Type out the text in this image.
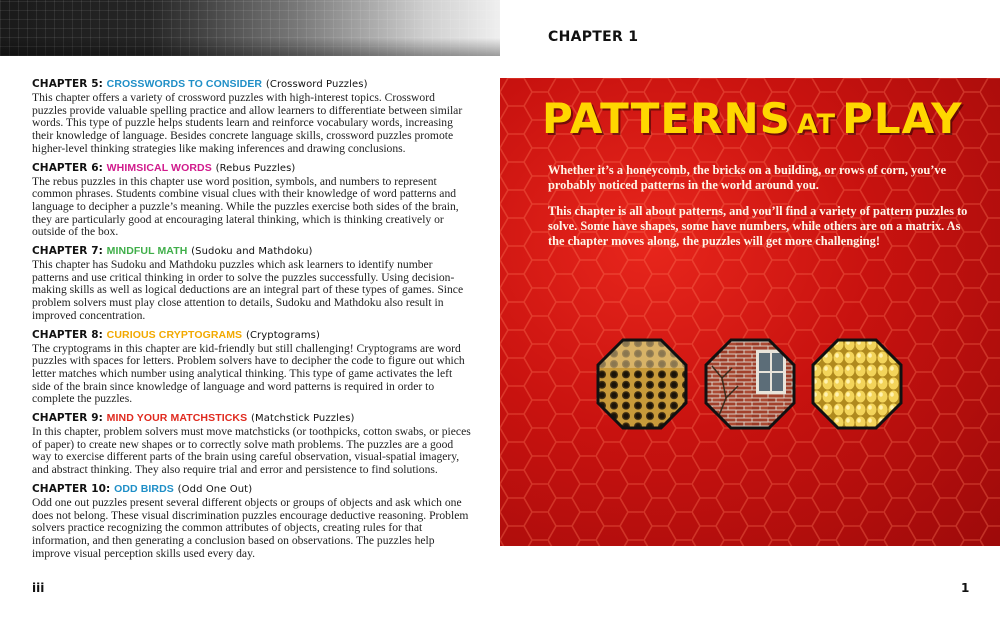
CHAPTER 5: CROSSWORDS TO CONSIDER (Crossword Puzzles)

This chapter offers a variety of crossword puzzles with high-interest topics. Crossword puzzles provide valuable spelling practice and allow learners to differentiate between similar words. This type of puzzle helps students learn and reinforce vocabulary words, increasing their knowledge of language. Besides concrete language skills, crossword puzzles promote higher-level thinking strategies like making inferences and drawing conclusions.

CHAPTER 6: WHIMSICAL WORDS (Rebus Puzzles)

The rebus puzzles in this chapter use word position, symbols, and numbers to represent common phrases. Students combine visual clues with their knowledge of word patterns and language to decipher a puzzle’s meaning. While the puzzles exercise both sides of the brain, they are particularly good at encouraging lateral thinking, which is thinking creatively or outside of the box.

CHAPTER 7: MINDFUL MATH (Sudoku and Mathdoku)

This chapter has Sudoku and Mathdoku puzzles which ask learners to identify number patterns and use critical thinking in order to solve the puzzles successfully. Using decision-making skills as well as logical deductions are an integral part of these types of games. Since problem solvers must play close attention to details, Sudoku and Mathdoku also result in improved concentration.

CHAPTER 8: CURIOUS CRYPTOGRAMS (Cryptograms)

The cryptograms in this chapter are kid-friendly but still challenging! Cryptograms are word puzzles with spaces for letters. Problem solvers have to decipher the code to figure out which letter matches which number using analytical thinking. This type of game activates the left side of the brain since knowledge of language and word patterns is required in order to complete the puzzles.

CHAPTER 9: MIND YOUR MATCHSTICKS (Matchstick Puzzles)

In this chapter, problem solvers must move matchsticks (or toothpicks, cotton swabs, or pieces of paper) to create new shapes or to correctly solve math problems. The puzzles are a good way to exercise different parts of the brain using careful observation, visual-spatial imagery, and abstract thinking. They also require trial and error and persistence to find solutions.

CHAPTER 10: ODD BIRDS (Odd One Out)

Odd one out puzzles present several different objects or groups of objects and ask which one does not belong. These visual discrimination puzzles encourage deductive reasoning. Problem solvers practice recognizing the common attributes of objects, creating rules for that information, and then generating a conclusion based on observations. The puzzles help improve visual perception skills used every day.

iii
CHAPTER 1
PATTERNS AT PLAY

Whether it’s a honeycomb, the bricks on a building, or rows of corn, you’ve probably noticed patterns in the world around you.

This chapter is all about patterns, and you’ll find a variety of pattern puzzles to solve. Some have shapes, some have numbers, while others are on a matrix. As the chapter moves along, the puzzles will get more challenging!

1
